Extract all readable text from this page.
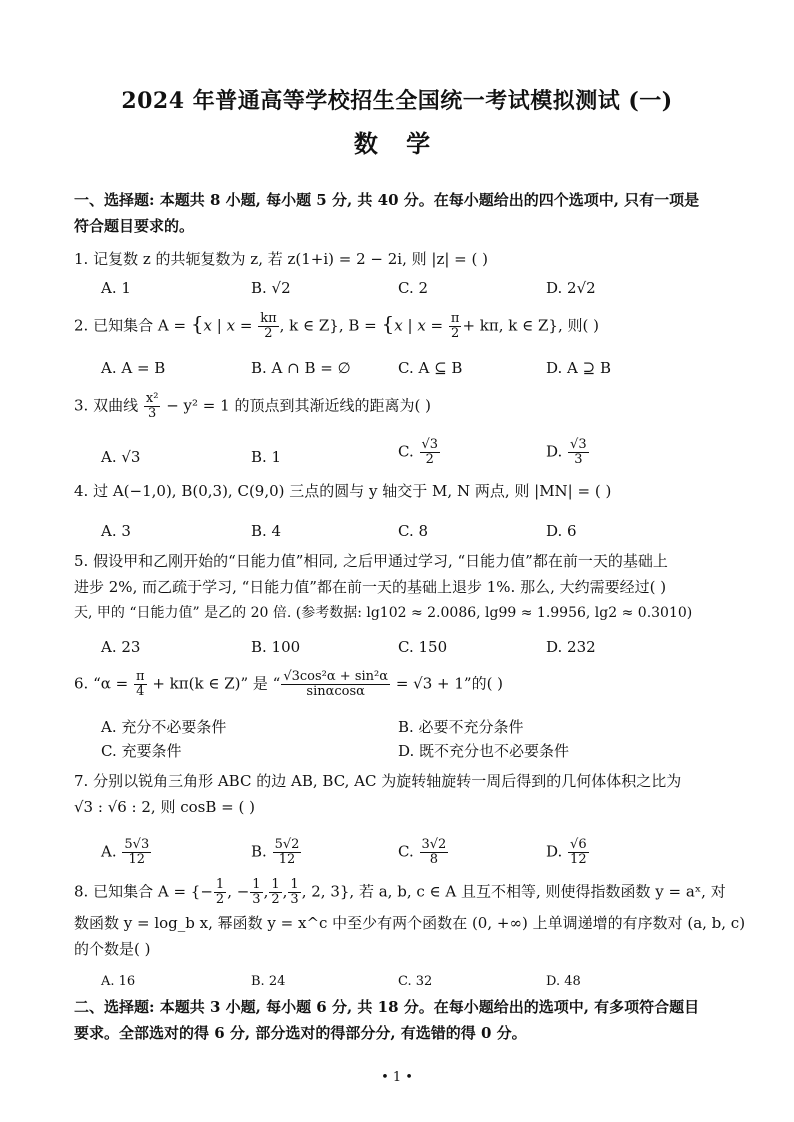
2024 年普通高等学校招生全国统一考试模拟测试 (一)
数 学
一、选择题: 本题共 8 小题, 每小题 5 分, 共 40 分。在每小题给出的四个选项中, 只有一项是
符合题目要求的。
1. 记复数 z 的共轭复数为 z, 若 z(1+i) = 2 − 2i, 则 |z| = ( )
A. 1	B. √2	C. 2	D. 2√2
2. 已知集合 A = {x | $x = \frac{k\pi}{2}$ , k ∈ Z}, B = {x | $x = \frac{\pi}{2} + k\pi$, k ∈ Z}, 则( )
A. A = B	B. A ∩ B = ∅	C. A ⊆ B	D. A ⊇ B
3. 双曲线 $\frac{\text{x²}}{3} - y^2 = 1$ 的顶点到其渐近线的距离为( )
A. √3	B. 1	C. $\frac{√3}{2}$	D. $\frac{√3}{3}$
4. 过 A(−1,0), B(0,3), C(9,0) 三点的圆与 y 轴交于 M, N 两点, 则 |MN| = ( )
A. 3	B. 4	C. 8	D. 6
5. 假设甲和乙刚开始的“日能力值”相同, 之后甲通过学习, “日能力值”都在前一天的基础上
进步 2%, 而乙疏于学习, “日能力值”都在前一天的基础上退步 1%. 那么, 大约需要经过( )
天, 甲的 “日能力值” 是乙的 20 倍. (参考数据: lg102 ≈ 2.0086, lg99 ≈ 1.9956, lg2 ≈ 0.3010)
A. 23	B. 100	C. 150	D. 232
6. “$\alpha = \frac{\pi}{4} + k\pi(k$ ∈ Z)” 是 “ $\frac{\text{√3cos²α + sin²α}}{\sin\alpha\cos\alpha} = √3 + 1$”的( )
A. 充分不必要条件	B. 必要不充分条件
C. 充要条件	D. 既不充分也不必要条件
7. 分别以锐角三角形 ABC 的边 AB, BC, AC 为旋转轴旋转一周后得到的几何体体积之比为
√3 : √6 : 2, 则 cosB = ( )
A. $\frac{5√3}{12}$	B. $\frac{5√2}{12}$	C. $\frac{3√2}{8}$	D. $\frac{√6}{12}$
8. 已知集合 A = {− $\frac{1}{2}$ , − $\frac{1}{3}$ , $\frac{1}{2}$ , $\frac{1}{3}$ , 2, 3}, 若 a, b, c ∈ A 且互不相等, 则使得指数函数 y = aˣ, 对
数函数 y = log_b x, 幂函数 y = x^c 中至少有两个函数在 (0, +∞) 上单调递增的有序数对 (a, b, c)
的个数是( )
A. 16	B. 24	C. 32	D. 48
二、选择题: 本题共 3 小题, 每小题 6 分, 共 18 分。在每小题给出的选项中, 有多项符合题目
要求。全部选对的得 6 分, 部分选对的得部分分, 有选错的得 0 分。
• 1 •
